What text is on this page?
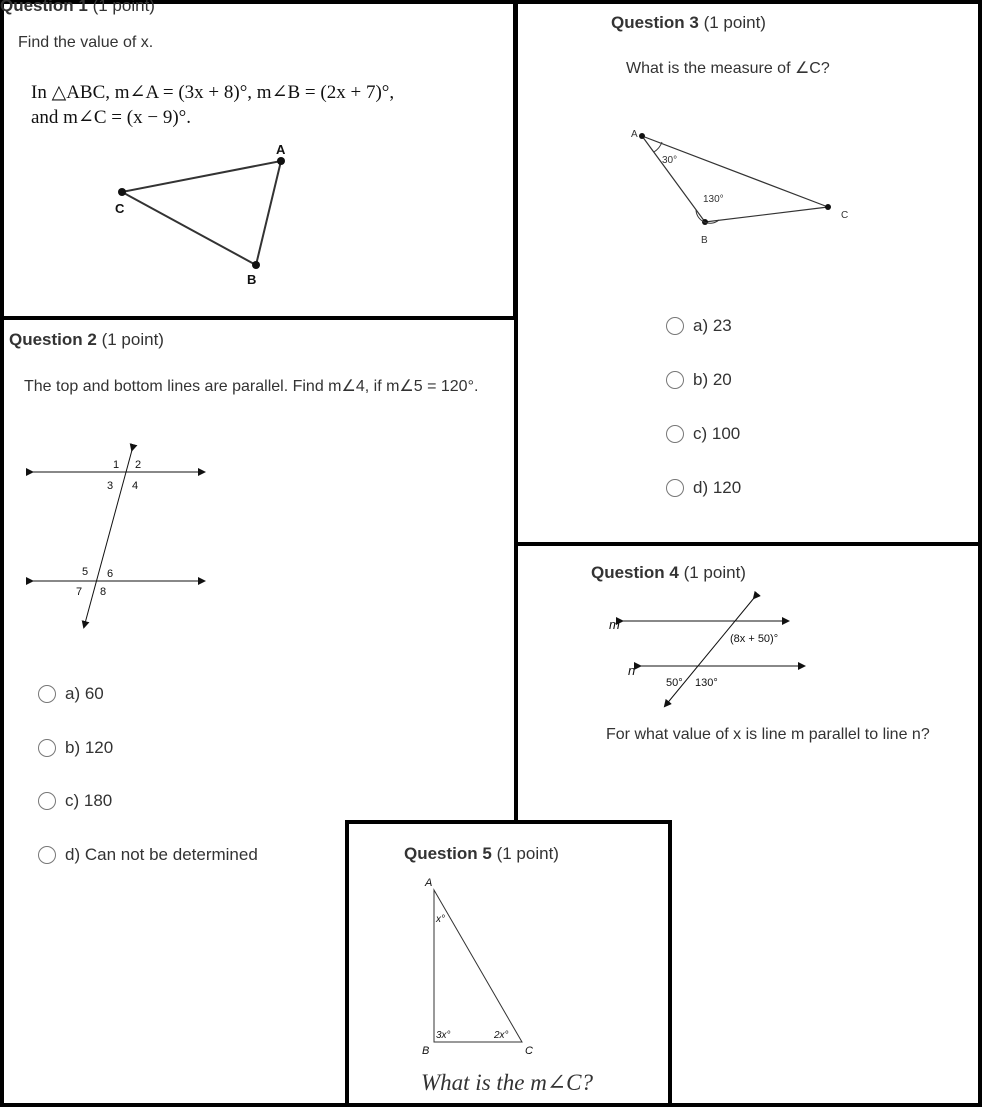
Question 1 (1 point)
Find the value of x.
In △ABC, m∠A = (3x + 8)°, m∠B = (2x + 7)°,
and m∠C = (x − 9)°.
A
C
B
Question 3 (1 point)
What is the measure of ∠C?
A
B
C
30°
130°
a) 23
b) 20
c) 100
d) 120
Question 2 (1 point)
The top and bottom lines are parallel. Find m∠4, if m∠5 = 120°.
1 2
3 4
5 6
7 8
a) 60
b) 120
c) 180
d) Can not be determined
Question 4 (1 point)
m
n
(8x + 50)°
50° 130°
For what value of x is line m parallel to line n?
Question 5 (1 point)
A
B	C
x°
3x°	2x°
What is the m∠C?
